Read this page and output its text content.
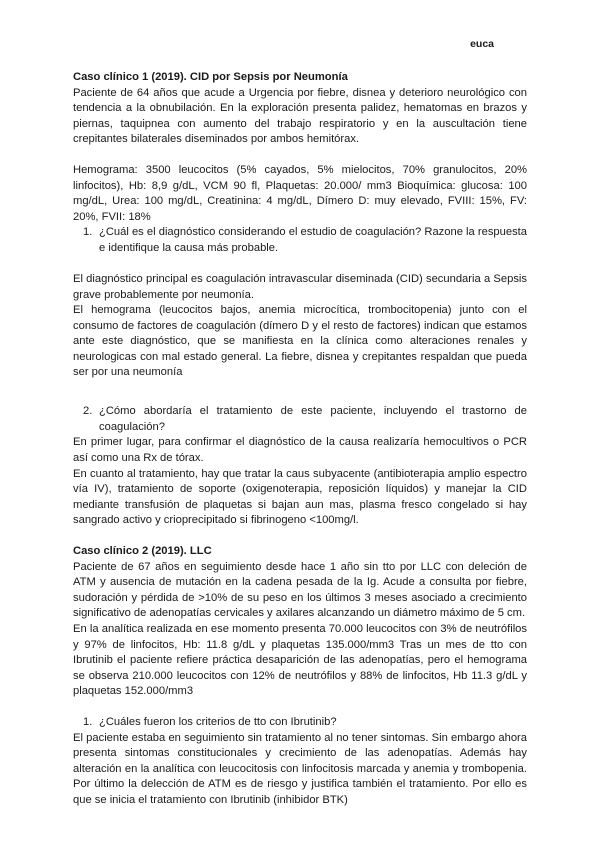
euca

Caso clínico 1 (2019). CID por Sepsis por Neumonía

Paciente de 64 años que acude a Urgencia por fiebre, disnea y deterioro neurológico con tendencia a la obnubilación. En la exploración presenta palidez, hematomas en brazos y piernas, taquipnea con aumento del trabajo respiratorio y en la auscultación tiene crepitantes bilaterales diseminados por ambos hemitórax.

Hemograma: 3500 leucocitos (5% cayados, 5% mielocitos, 70% granulocitos, 20% linfocitos), Hb: 8,9 g/dL, VCM 90 fl, Plaquetas: 20.000/ mm3 Bioquímica: glucosa: 100 mg/dL, Urea: 100 mg/dL, Creatinina: 4 mg/dL, Dímero D: muy elevado, FVIII: 15%, FV: 20%, FVII: 18%

1. ¿Cuál es el diagnóstico considerando el estudio de coagulación? Razone la respuesta e identifique la causa más probable.

El diagnóstico principal es coagulación intravascular diseminada (CID) secundaria a Sepsis grave probablemente por neumonía.

El hemograma (leucocitos bajos, anemia microcítica, trombocitopenia) junto con el consumo de factores de coagulación (dímero D y el resto de factores) indican que estamos ante este diagnóstico, que se manifiesta en la clínica como alteraciones renales y neurologicas con mal estado general. La fiebre, disnea y crepitantes respaldan que pueda ser por una neumonía

2. ¿Cómo abordaría el tratamiento de este paciente, incluyendo el trastorno de coagulación?

En primer lugar, para confirmar el diagnóstico de la causa realizaría hemocultivos o PCR así como una Rx de tórax.

En cuanto al tratamiento, hay que tratar la caus subyacente (antibioterapia amplio espectro vía IV), tratamiento de soporte (oxigenoterapia, reposición líquidos) y manejar la CID mediante transfusión de plaquetas si bajan aun mas, plasma fresco congelado si hay sangrado activo y crioprecipitado si fibrinogeno <100mg/l.

Caso clínico 2 (2019). LLC

Paciente de 67 años en seguimiento desde hace 1 año sin tto por LLC con deleción de ATM y ausencia de mutación en la cadena pesada de la Ig. Acude a consulta por fiebre, sudoración y pérdida de >10% de su peso en los últimos 3 meses asociado a crecimiento significativo de adenopatías cervicales y axilares alcanzando un diámetro máximo de 5 cm.

En la analítica realizada en ese momento presenta 70.000 leucocitos con 3% de neutrófilos y 97% de linfocitos, Hb: 11.8 g/dL y plaquetas 135.000/mm3 Tras un mes de tto con Ibrutinib el paciente refiere práctica desaparición de las adenopatías, pero el hemograma se observa 210.000 leucocitos con 12% de neutrófilos y 88% de linfocitos, Hb 11.3 g/dL y plaquetas 152.000/mm3

1. ¿Cuáles fueron los criterios de tto con Ibrutinib?

El paciente estaba en seguimiento sin tratamiento al no tener sintomas. Sin embargo ahora presenta sintomas constitucionales y crecimiento de las adenopatías. Además hay alteración en la analítica con leucocitosis con linfocitosis marcada y anemia y trombopenia. Por último la delección de ATM es de riesgo y justifica también el tratamiento. Por ello es que se inicia el tratamiento con Ibrutinib (inhibidor BTK)
